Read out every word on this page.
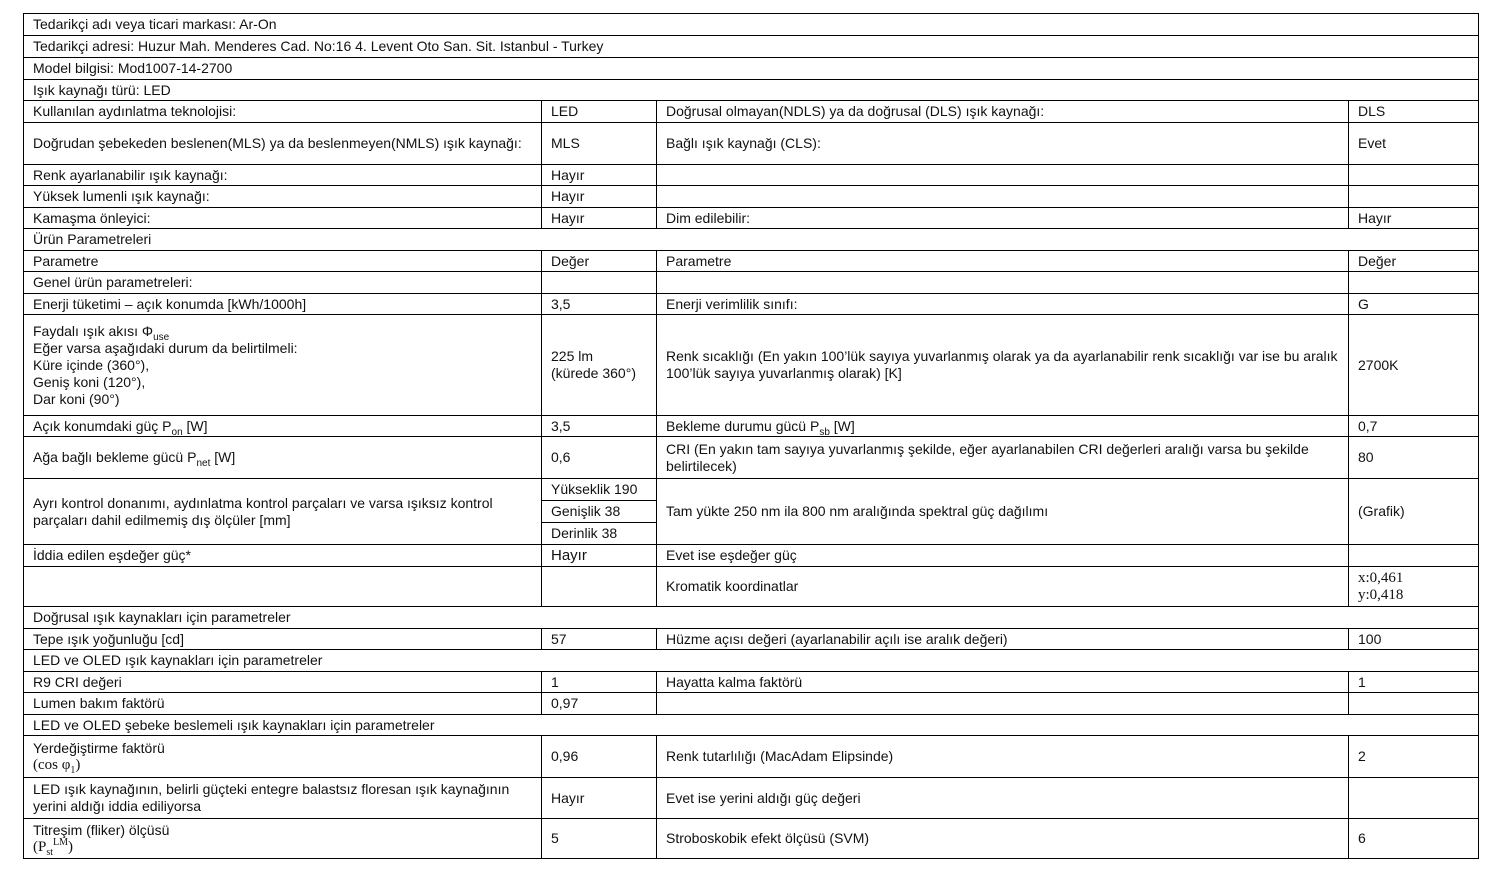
Tedarikçi adı veya ticari markası: Ar-On			
Tedarikçi adresi: Huzur Mah. Menderes Cad. No:16 4. Levent Oto San. Sit. Istanbul - Turkey			
Model bilgisi: Mod1007-14-2700			
Işık kaynağı türü: LED			
Kullanılan aydınlatma teknolojisi:	LED	Doğrusal olmayan(NDLS) ya da doğrusal (DLS) ışık kaynağı:	DLS
Doğrudan şebekeden beslenen(MLS) ya da beslenmeyen(NMLS) ışık kaynağı:	MLS	Bağlı ışık kaynağı (CLS):	Evet
Renk ayarlanabilir ışık kaynağı:	Hayır		
Yüksek lumenli ışık kaynağı:	Hayır		
Kamaşma önleyici:	Hayır	Dim edilebilir:	Hayır
Ürün Parametreleri			
Parametre	Değer	Parametre	Değer
Genel ürün parametreleri:			
Enerji tüketimi – açık konumda [kWh/1000h]	3,5	Enerji verimlilik sınıfı:	G

Faydalı ışık akısı $\Phi_{use}$
Eğer varsa aşağıdaki durum da belirtilmeli:
Küre içinde (360°),
Geniş koni (120°),
Dar koni (90°)	225 lm
(kürede 360°)	Renk sıcaklığı (En yakın 100’lük sayıya yuvarlanmış olarak ya da ayarlanabilir renk sıcaklığı var ise bu aralık 100’lük sayıya yuvarlanmış olarak) [K]	2700K
Açık konumdaki güç $P_{on}$ [W]	3,5	Bekleme durumu gücü $P_{sb}$ [W]	0,7
Ağa bağlı bekleme gücü $P_{net}$ [W]	0,6	CRI (En yakın tam sayıya yuvarlanmış şekilde, eğer ayarlanabilen CRI değerleri aralığı varsa bu şekilde belirtilecek)	80
Ayrı kontrol donanımı, aydınlatma kontrol parçaları ve varsa ışıksız kontrol parçaları dahil edilmemiş dış ölçüler [mm]	Yükseklik 190
Genişlik 38
Derinlik 38	Tam yükte 250 nm ila 800 nm aralığında spektral güç dağılımı	(Grafik)
İddia edilen eşdeğer güç*	Hayır	Evet ise eşdeğer güç	
		Kromatik koordinatlar	x:0,461
y:0,418

Doğrusal ışık kaynakları için parametreler			
Tepe ışık yoğunluğu [cd]	57	Hüzme açısı değeri (ayarlanabilir açılı ise aralık değeri)	100
LED ve OLED ışık kaynakları için parametreler			
R9 CRI değeri	1	Hayatta kalma faktörü	1
Lumen bakım faktörü	0,97		
LED ve OLED şebeke beslemeli ışık kaynakları için parametreler			

Yerdeğiştirme faktörü
(cos $\varphi_1$)	0,96	Renk tutarlılığı (MacAdam Elipsinde)	2
LED ışık kaynağının, belirli güçteki entegre balastsız floresan ışık kaynağının yerini aldığı iddia ediliyorsa	Hayır	Evet ise yerini aldığı güç değeri	

Titreşim (fliker) ölçüsü
$(P_{st}^{LM})$	5	Stroboskobik efekt ölçüsü (SVM)	6
